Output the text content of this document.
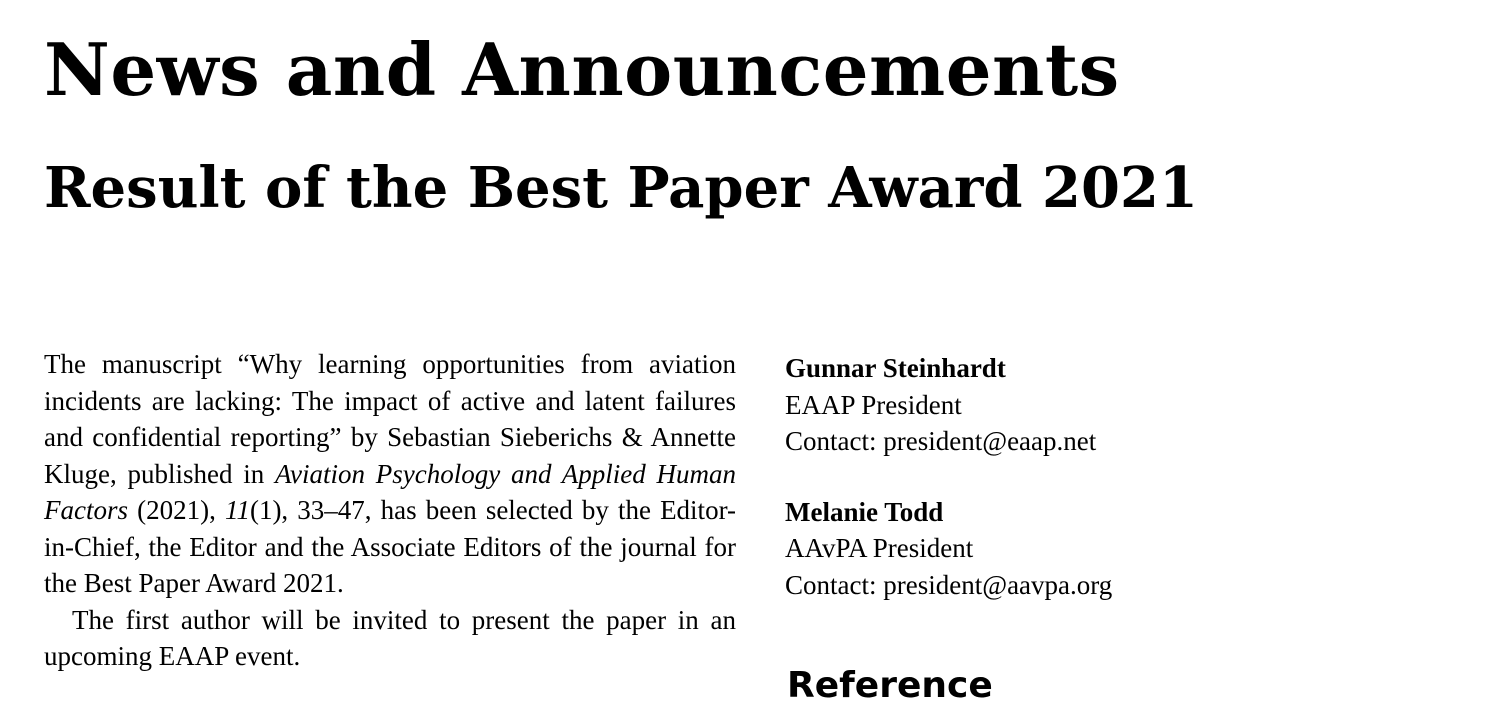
News and Announcements
Result of the Best Paper Award 2021

The manuscript “Why learning opportunities from aviation incidents are lacking: The impact of active and latent failures and confidential reporting” by Sebastian Sieberichs & Annette Kluge, published in Aviation Psychology and Applied Human Factors (2021), 11(1), 33–47, has been selected by the Editor-in-Chief, the Editor and the Associate Editors of the journal for the Best Paper Award 2021.

The first author will be invited to present the paper in an upcoming EAAP event.

Gunnar Steinhardt
EAAP President
Contact: president@eaap.net
Melanie Todd
AAvPA President
Contact: president@aavpa.org
Reference
